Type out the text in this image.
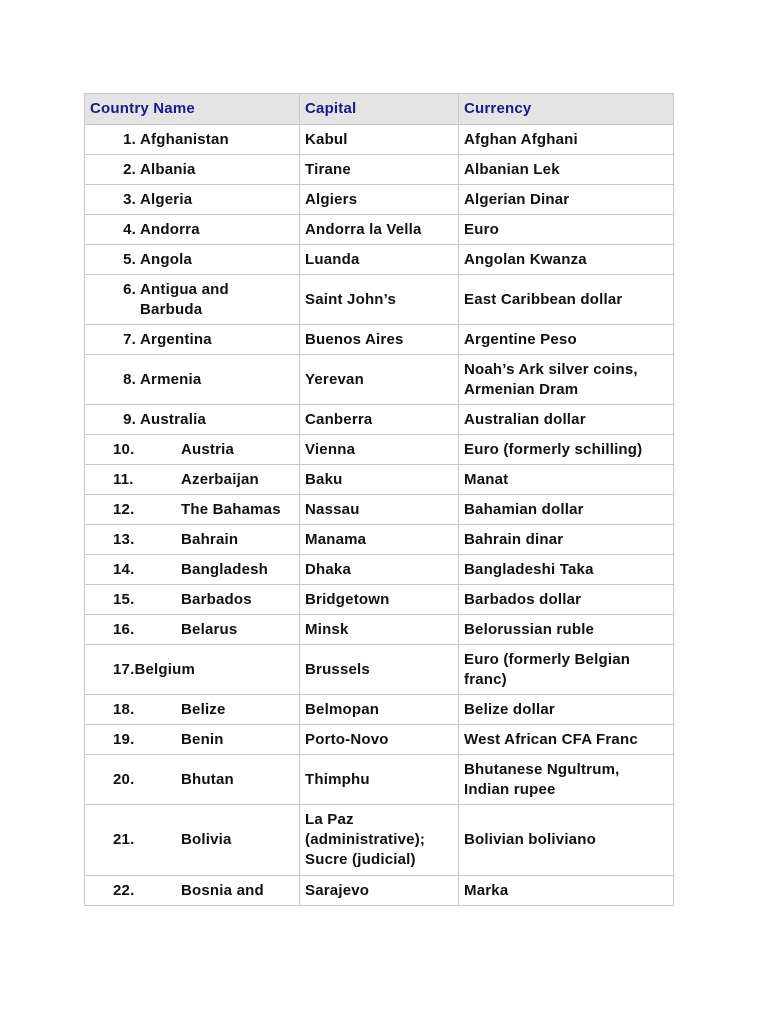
Country Name	Capital	Currency
1. Afghanistan	Kabul	Afghan Afghani
2. Albania	Tirane	Albanian Lek
3. Algeria	Algiers	Algerian Dinar
4. Andorra	Andorra la Vella	Euro
5. Angola	Luanda	Angolan Kwanza
6. Antigua and Barbuda	Saint John’s	East Caribbean dollar
7. Argentina	Buenos Aires	Argentine Peso
8. Armenia	Yerevan	Noah’s Ark silver coins, Armenian Dram
9. Australia	Canberra	Australian dollar
10. Austria	Vienna	Euro (formerly schilling)
11. Azerbaijan	Baku	Manat
12. The Bahamas	Nassau	Bahamian dollar
13. Bahrain	Manama	Bahrain dinar
14. Bangladesh	Dhaka	Bangladeshi Taka
15. Barbados	Bridgetown	Barbados dollar
16. Belarus	Minsk	Belorussian ruble
17.Belgium	Brussels	Euro (formerly Belgian franc)
18. Belize	Belmopan	Belize dollar
19. Benin	Porto-Novo	West African CFA Franc
20. Bhutan	Thimphu	Bhutanese Ngultrum, Indian rupee
21. Bolivia	La Paz (administrative); Sucre (judicial)	Bolivian boliviano
22. Bosnia and	Sarajevo	Marka
